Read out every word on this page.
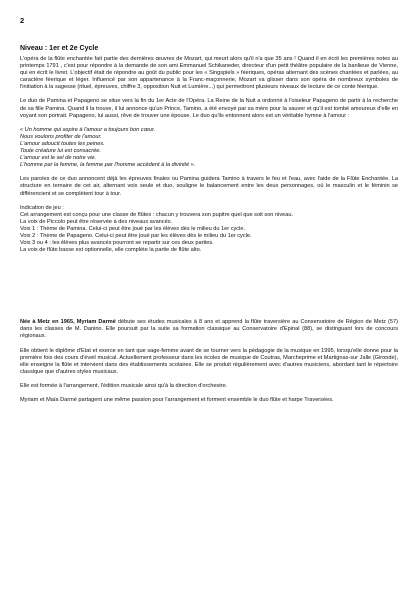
2
Niveau : 1er et 2e Cycle

L'opéra de la flûte enchantée fait partie des dernières œuvres de Mozart, qui meurt alors qu'il n'a que 35 ans ! Quand il en écrit les premières notes au printemps 1791 , c'est pour répondre à la demande de son ami Emmanuel Schikaneder, directeur d'un petit théâtre populaire de la banlieue de Vienne, qui en écrit le livret. L'objectif était de répondre au goût du public pour les « Singspiels » féeriques, opéras alternant des scènes chantées et parlées, au caractère féerique et léger. Influencé par son appartenance à la Franc-maçonnerie, Mozart va glisser dans son opéra de nombreux symboles de l'initiation à la sagesse (rituel, épreuves, chiffre 3, opposition Nuit et Lumière...) qui permettront plusieurs niveaux de lecture de ce conte féerique.

Le duo de Pamina et Papageno se situe vers la fin du 1er Acte de l'Opéra. La Reine de la Nuit a ordonné à l'oiseleur Papageno de partir à la recherche de sa fille Pamina. Quand il la trouve, il lui annonce qu'un Prince, Tamino, a été envoyé par sa mère pour la sauver et qu'il est tombé amoureux d'elle en voyant son portrait. Papageno, lui aussi, rêve de trouver une épouse. Le duo qu'ils entonnent alors est un véritable hymne à l'amour :

« Un homme qui aspire à l'amour a toujours bon cœur.
Nous voulons profiter de l'amour.
L'amour adoucit toutes les peines.
Toute créature lui est consacrée.
L'amour est le sel de notre vie.
L'homme par la femme, la femme par l'homme accèdent à la divinité ».

Les paroles de ce duo annoncent déjà les épreuves finales ou Pamina guidera Tamino à travers le feu et l'eau, avec l'aide de la Flûte Enchantée. La structure en ternaire de cet air, alternant voix seule et duo, souligne le balancement entre les deux personnages, où le masculin et le féminin se différencient et se complètent tour à tour.

Indication de jeu :

Cet arrangement est conçu pour une classe de flûtes : chacun y trouvera son pupitre quel que soit son niveau.
La voix de Piccolo peut être réservée à des niveaux avancés.
Voix 1 : Thème de Pamina. Celui-ci peut être joué par les élèves dès le milieu du 1er cycle.
Voix 2 : Thème de Papageno. Celui-ci peut être joué par les élèves dès le milieu du 1er cycle.
Voix 3 ou 4 : les élèves plus avancés pourront se repartir sur ces deux parties.
La voix de flûte basse est optionnelle, elle complète la partie de flûte alto.

Née à Metz en 1965, Myriam Darmé débute ses études musicales à 8 ans et apprend la flûte traversière au Conservatoire de Région de Metz (57) dans les classes de M. Danino. Elle poursuit par la suite sa formation classique au Conservatoire d'Epinal (88), se distinguant lors de concours régionaux.

Elle obtient le diplôme d'Etat et exerce en tant que sage-femme avant de se tourner vers la pédagogie de la musique en 1995, lorsqu'elle donne pour la première fois des cours d'éveil musical. Actuellement professeur dans les écoles de musique de Coutras, Marcheprime et Martignas-sur Jalle (Gironde), elle enseigne la flûte et intervient dans des établissements scolaires. Elle se produit régulièrement avec d'autres musiciens, abordant tant le répertoire classique que d'autres styles musicaux.

Elle est formée à l'arrangement, l'édition musicale ainsi qu'à la direction d'orchestre.

Myriam et Maïa Darmé partagent une même passion pour l'arrangement et forment ensemble le duo flûte et harpe Traversées.
